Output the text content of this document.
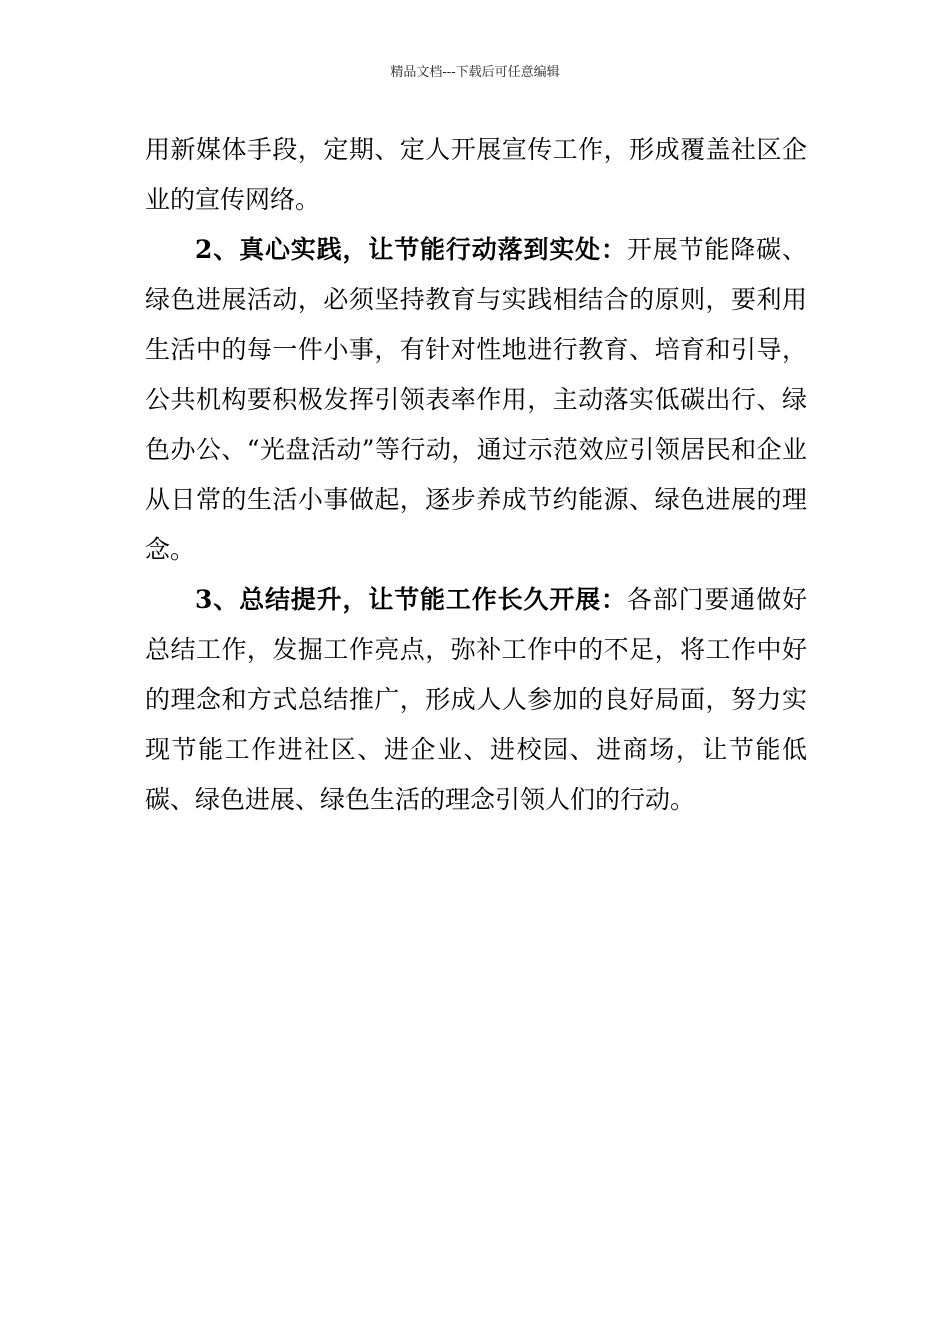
精品文档---下载后可任意编辑

用新媒体手段，定期、定人开展宣传工作，形成覆盖社区企业的宣传网络。

2、真心实践，让节能行动落到实处：开展节能降碳、绿色进展活动，必须坚持教育与实践相结合的原则，要利用生活中的每一件小事，有针对性地进行教育、培育和引导，公共机构要积极发挥引领表率作用，主动落实低碳出行、绿色办公、“光盘活动”等行动，通过示范效应引领居民和企业从日常的生活小事做起，逐步养成节约能源、绿色进展的理念。

3、总结提升，让节能工作长久开展：各部门要通做好总结工作，发掘工作亮点，弥补工作中的不足，将工作中好的理念和方式总结推广，形成人人参加的良好局面，努力实现节能工作进社区、进企业、进校园、进商场，让节能低碳、绿色进展、绿色生活的理念引领人们的行动。
